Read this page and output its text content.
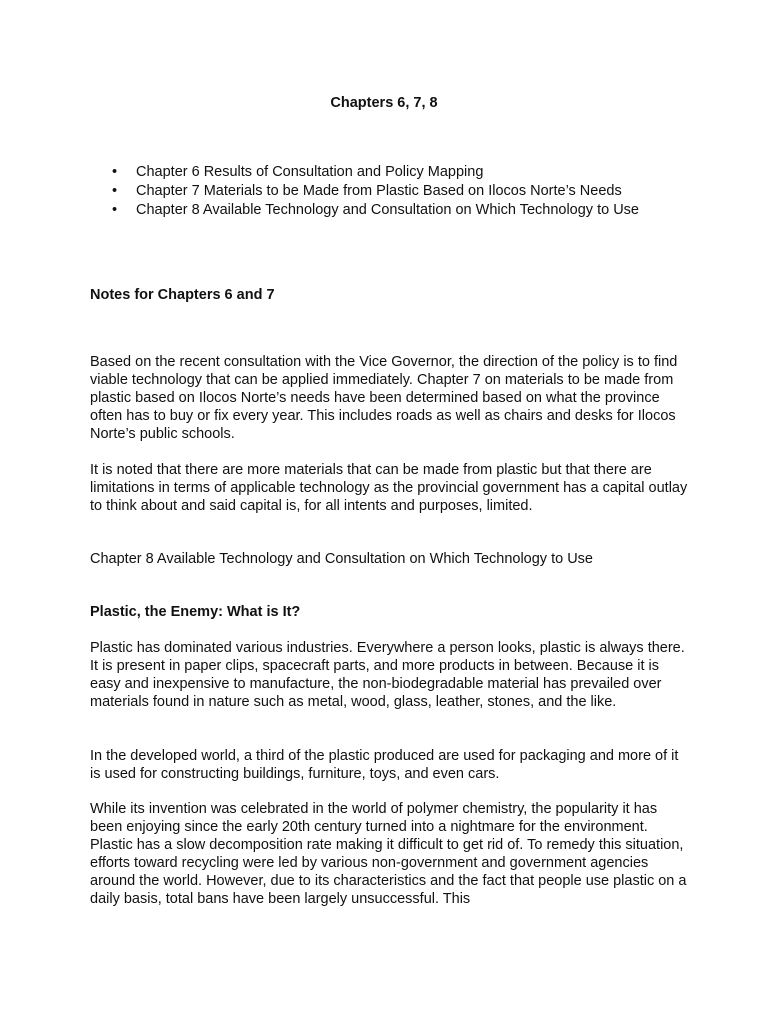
Chapters 6, 7, 8
• Chapter 6 Results of Consultation and Policy Mapping
• Chapter 7 Materials to be Made from Plastic Based on Ilocos Norte’s Needs
• Chapter 8 Available Technology and Consultation on Which Technology to Use
Notes for Chapters 6 and 7

Based on the recent consultation with the Vice Governor, the direction of the policy is to find viable technology that can be applied immediately. Chapter 7 on materials to be made from plastic based on Ilocos Norte’s needs have been determined based on what the province often has to buy or fix every year. This includes roads as well as chairs and desks for Ilocos Norte’s public schools.

It is noted that there are more materials that can be made from plastic but that there are limitations in terms of applicable technology as the provincial government has a capital outlay to think about and said capital is, for all intents and purposes, limited.

Chapter 8 Available Technology and Consultation on Which Technology to Use
Plastic, the Enemy: What is It?

Plastic has dominated various industries. Everywhere a person looks, plastic is always there. It is present in paper clips, spacecraft parts, and more products in between. Because it is easy and inexpensive to manufacture, the non-biodegradable material has prevailed over materials found in nature such as metal, wood, glass, leather, stones, and the like.

In the developed world, a third of the plastic produced are used for packaging and more of it is used for constructing buildings, furniture, toys, and even cars.

While its invention was celebrated in the world of polymer chemistry, the popularity it has been enjoying since the early 20th century turned into a nightmare for the environment. Plastic has a slow decomposition rate making it difficult to get rid of. To remedy this situation, efforts toward recycling were led by various non-government and government agencies around the world. However, due to its characteristics and the fact that people use plastic on a daily basis, total bans have been largely unsuccessful. This
